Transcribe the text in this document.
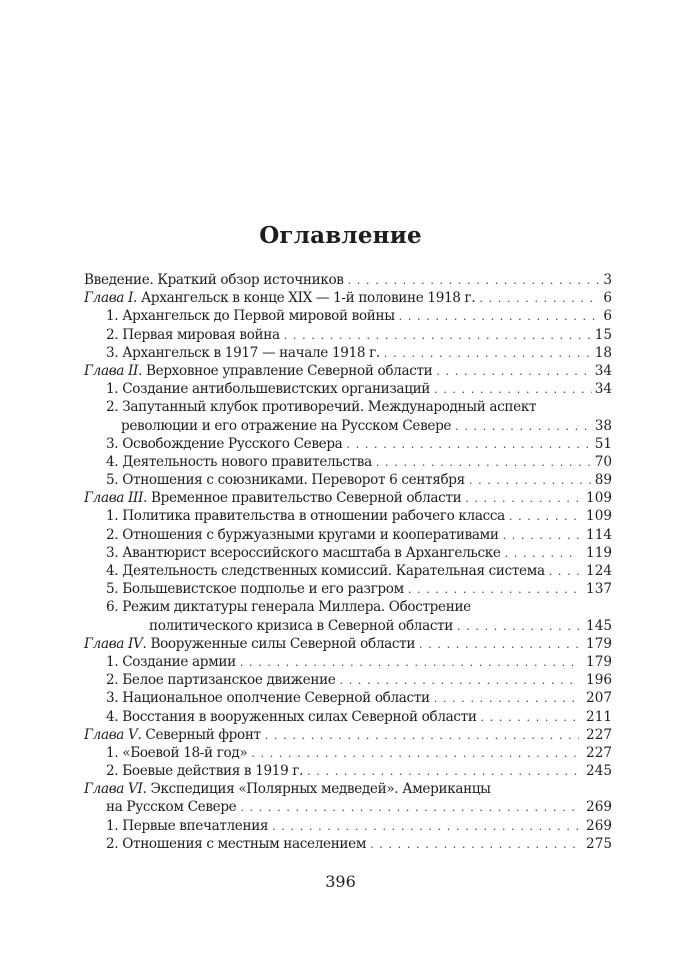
Оглавление
Введение. Краткий обзор источников . . .	3
Глава I. Архангельск в конце XIX — 1-й половине 1918 г. . . .	6
1. Архангельск до Первой мировой войны . . .	6
2. Первая мировая война . . .	15
3. Архангельск в 1917 — начале 1918 г. . . .	18
Глава II. Верховное управление Северной области . . .	34
1. Создание антибольшевистских организаций . . .	34
2. Запутанный клубок противоречий. Международный аспект
революции и его отражение на Русском Севере . . .	38
3. Освобождение Русского Севера . . .	51
4. Деятельность нового правительства . . .	70
5. Отношения с союзниками. Переворот 6 сентября . . .	89
Глава III. Временное правительство Северной области . . .	109
1. Политика правительства в отношении рабочего класса . . .	109
2. Отношения с буржуазными кругами и кооперативами . . .	114
3. Авантюрист всероссийского масштаба в Архангельске . . .	119
4. Деятельность следственных комиссий. Карательная система . . .	124
5. Большевистское подполье и его разгром . . .	137
6. Режим диктатуры генерала Миллера. Обострение
политического кризиса в Северной области . . .	145
Глава IV. Вооруженные силы Северной области . . .	179
1. Создание армии . . .	179
2. Белое партизанское движение . . .	196
3. Национальное ополчение Северной области . . .	207
4. Восстания в вооруженных силах Северной области . . .	211
Глава V. Северный фронт . . .	227
1. «Боевой 18-й год» . . .	227
2. Боевые действия в 1919 г. . . .	245
Глава VI. Экспедиция «Полярных медведей». Американцы
на Русском Севере . . .	269
1. Первые впечатления . . .	269
2. Отношения с местным населением . . .	275
396
